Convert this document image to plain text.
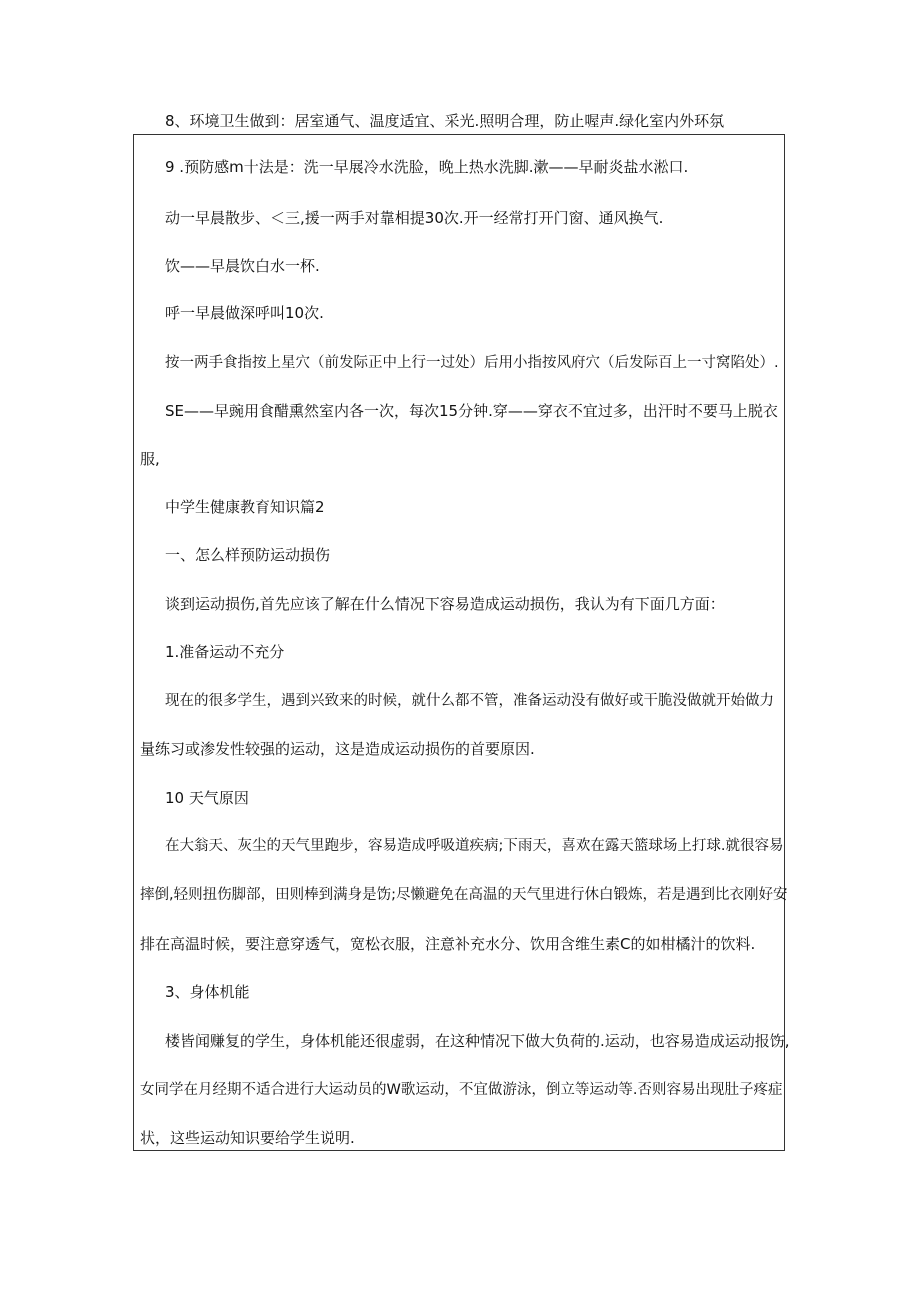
8、环境卫生做到：居室通气、温度适宜、采光.照明合理，防止喔声.绿化室内外环氛
9 .预防感m十法是：洗一早展冷水洗脸，晚上热水洗脚.漱——早耐炎盐水淞口.
动一早晨散步、＜三,援一两手对靠相提30次.开一经常打开门窗、通风换气.
饮——早晨饮白水一杯.
呼一早晨做深呼叫10次.
按一两手食指按上星穴（前发际正中上行一过处）后用小指按风府穴（后发际百上一寸窝陷处）.
SE——早豌用食醋熏然室内各一次，每次15分钟.穿——穿衣不宜过多，出汗时不要马上脱衣
服,
中学生健康教育知识篇2
一、怎么样预防运动损伤
谈到运动损伤,首先应该了解在什么情况下容易造成运动损伤，我认为有下面几方面：
1.准备运动不充分
现在的很多学生，遇到兴致来的时候，就什么都不管，准备运动没有做好或干脆没做就开始做力
量练习或渗发性较强的运动，这是造成运动损伤的首要原因.
10 天气原因
在大翁天、灰尘的天气里跑步，容易造成呼吸道疾病;下雨天，喜欢在露天篮球场上打球.就很容易
摔倒,轻则扭伤脚部，田则棒到满身是饬;尽懒避免在高温的天气里进行休白锻炼，若是遇到比衣刚好安
排在高温时候，要注意穿透气，宽松衣服，注意补充水分、饮用含维生素C的如柑橘汁的饮料.
3、身体机能
楼皆闻赚复的学生，身体机能还很虚弱，在这种情况下做大负荷的.运动，也容易造成运动报饬,
女同学在月经期不适合进行大运动员的W歌运动，不宜做游泳，倒立等运动等.否则容易出现肚子疼症
状，这些运动知识要给学生说明.
